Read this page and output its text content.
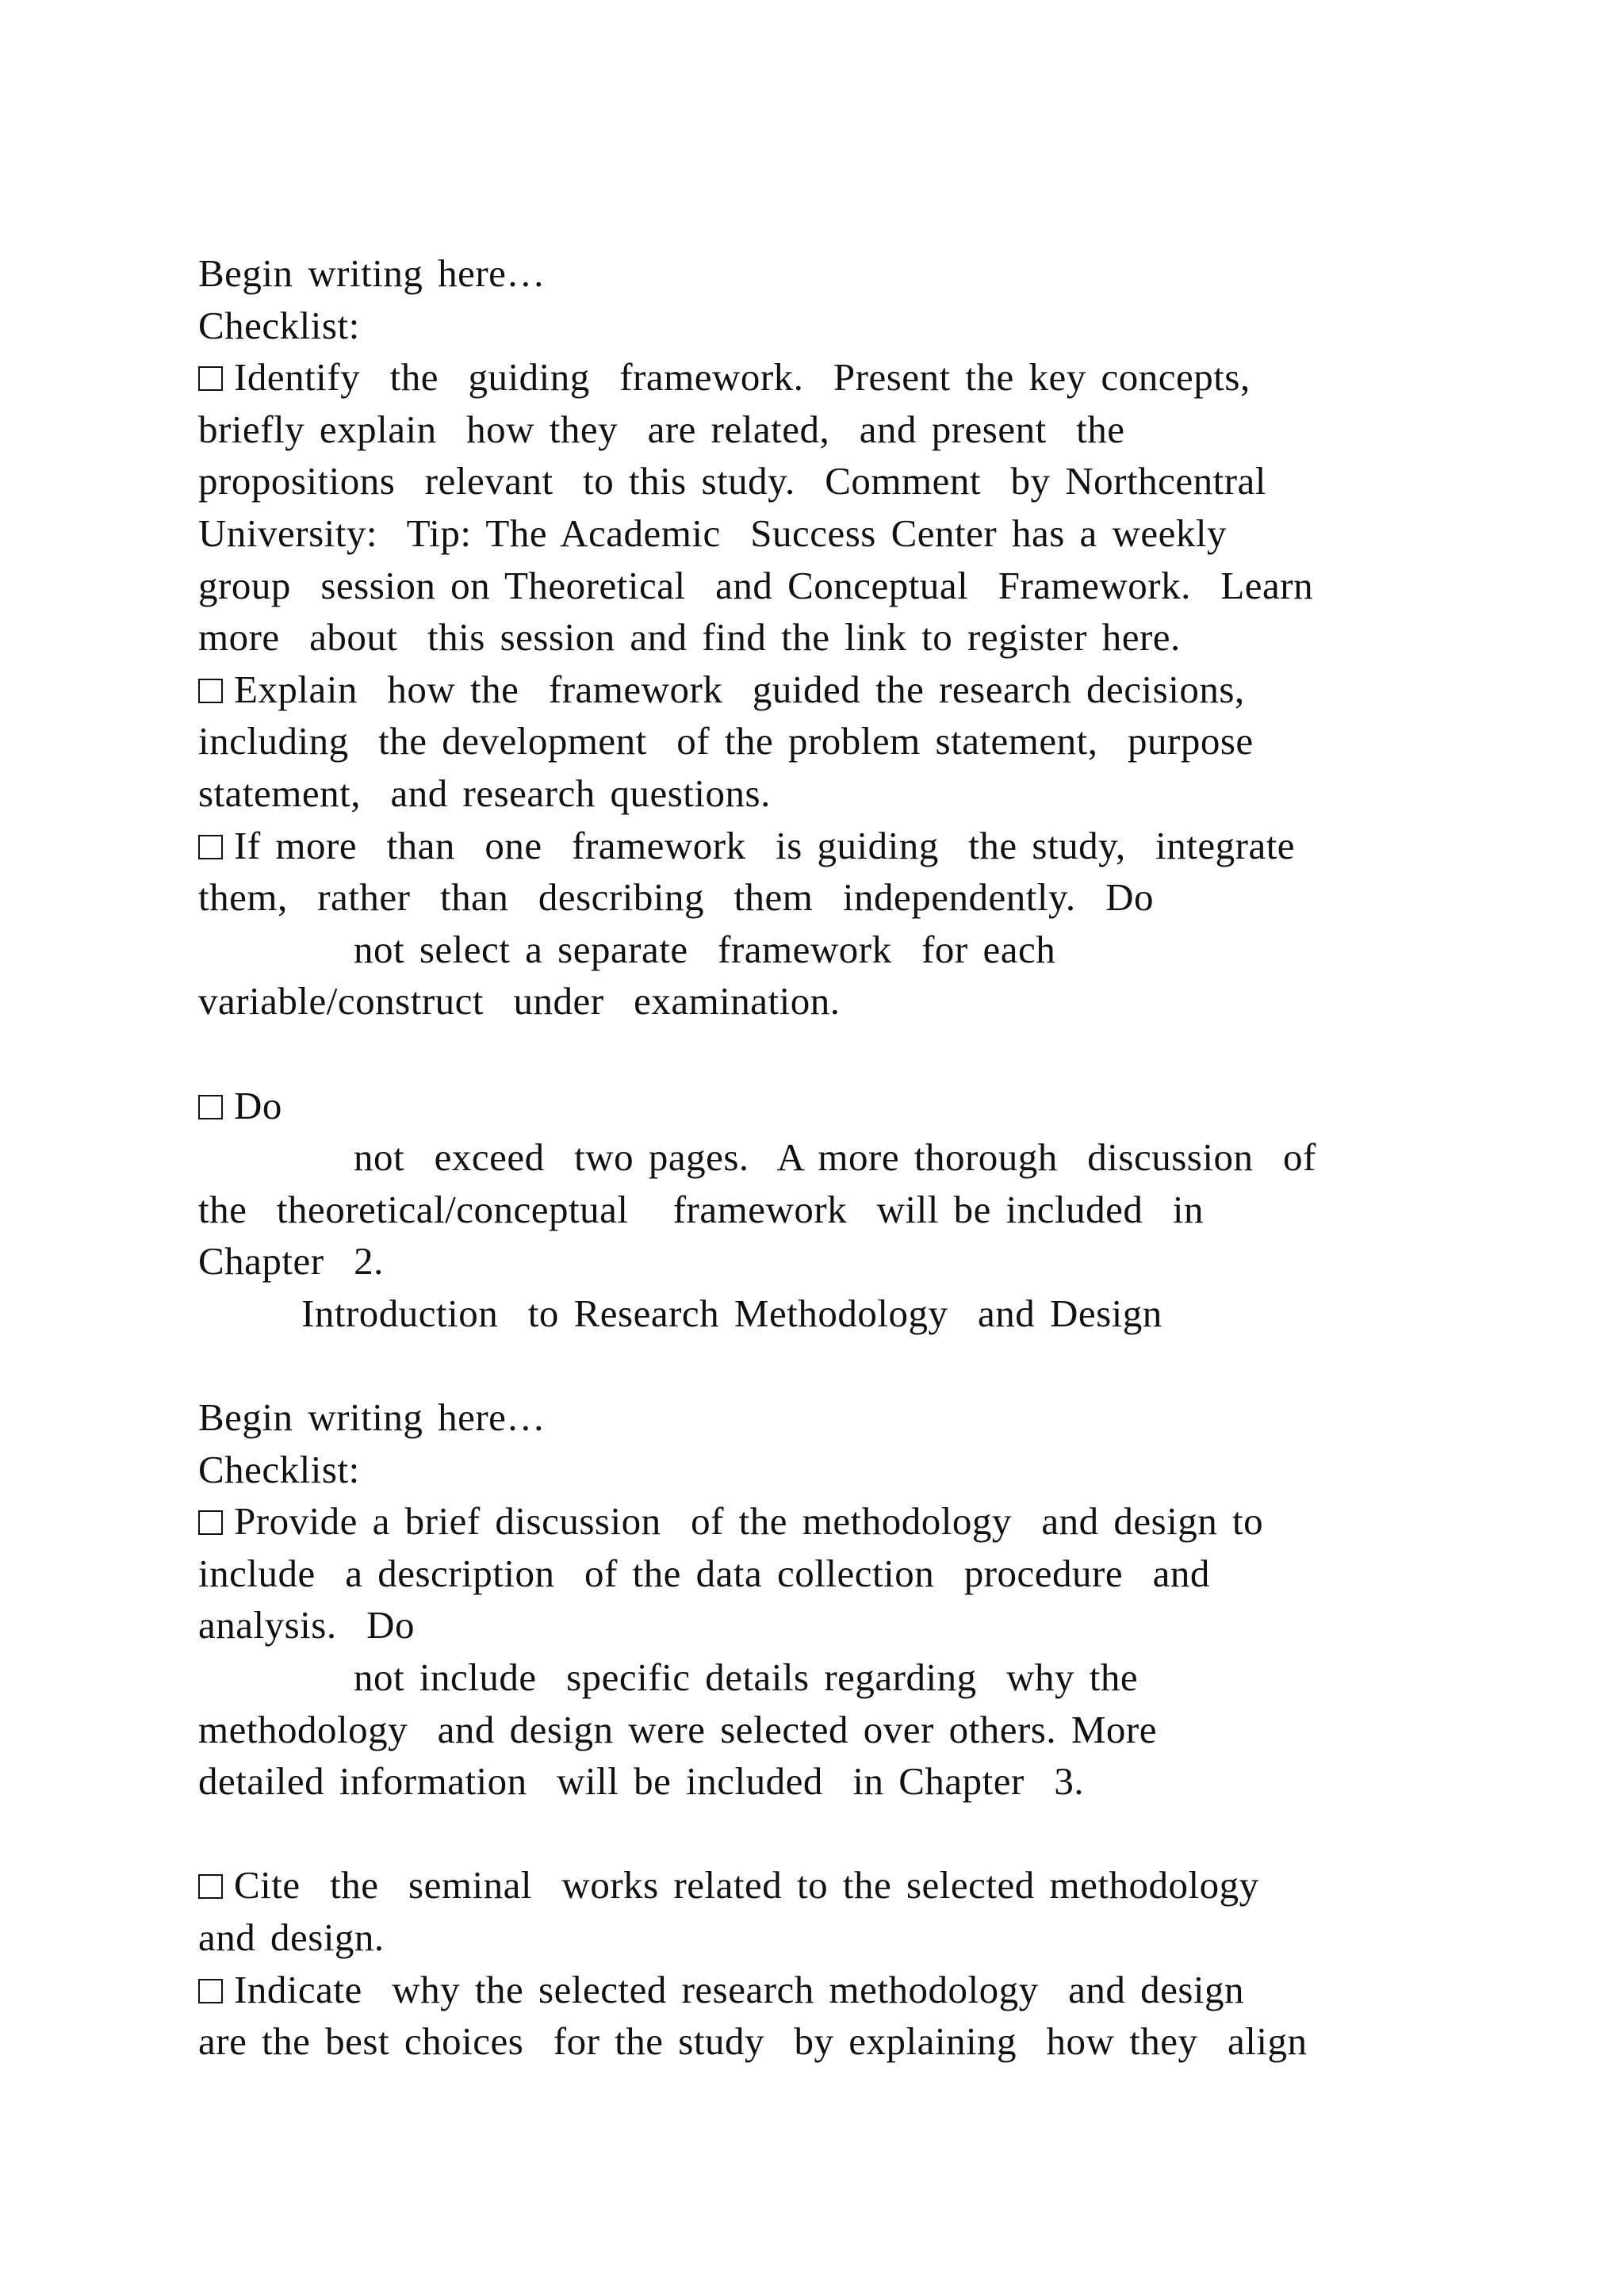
Begin writing here…
Checklist:
Identify  the  guiding  framework.  Present the key concepts,
briefly explain  how they  are related,  and present  the
propositions  relevant  to this study.  Comment  by Northcentral
University:  Tip: The Academic  Success Center has a weekly
group  session on Theoretical  and Conceptual  Framework.  Learn
more  about  this session and find the link to register here.
Explain  how the  framework  guided the research decisions,
including  the development  of the problem statement,  purpose
statement,  and research questions.
If more  than  one  framework  is guiding  the study,  integrate
them,  rather  than  describing  them  independently.  Do
not select a separate  framework  for each
variable/construct  under  examination.
Do
not  exceed  two pages.  A more thorough  discussion  of
the  theoretical/conceptual   framework  will be included  in
Chapter  2.
Introduction  to Research Methodology  and Design
Begin writing here…
Checklist:
Provide a brief discussion  of the methodology  and design to
include  a description  of the data collection  procedure  and
analysis.  Do
not include  specific details regarding  why the
methodology  and design were selected over others. More
detailed information  will be included  in Chapter  3.
Cite  the  seminal  works related to the selected methodology
and design.
Indicate  why the selected research methodology  and design
are the best choices  for the study  by explaining  how they  align
